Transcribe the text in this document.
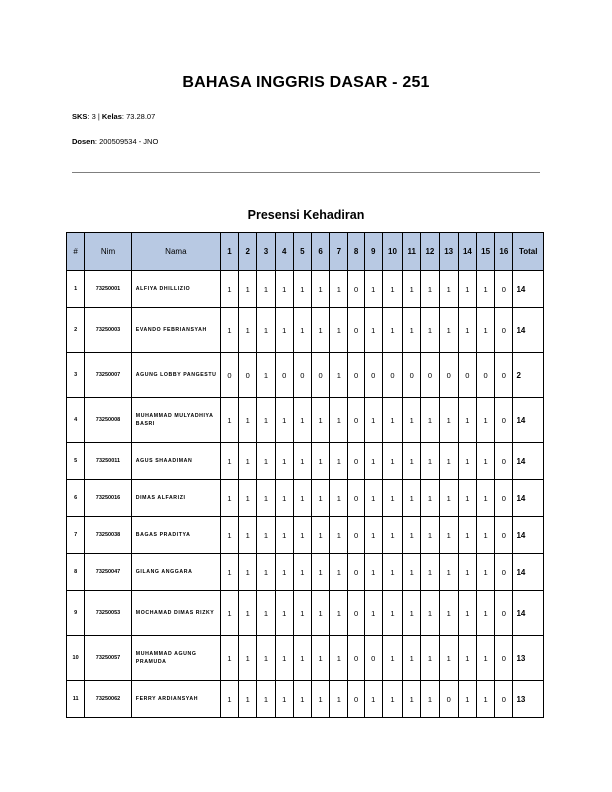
BAHASA INGGRIS DASAR - 251
SKS: 3 | Kelas: 73.28.07
Dosen: 200509534 - JNO
Presensi Kehadiran
#	Nim	Nama	1	2	3	4	5	6	7	8	9	10	11	12	13	14	15	16	Total
1	73250001	ALFIYA DHILLIZIO	1	1	1	1	1	1	1	0	1	1	1	1	1	1	1	0	14
2	73250003	EVANDO FEBRIANSYAH	1	1	1	1	1	1	1	0	1	1	1	1	1	1	1	0	14
3	73250007	AGUNG LOBBY PANGESTU	0	0	1	0	0	0	1	0	0	0	0	0	0	0	0	0	2
4	73250008	MUHAMMAD MULYADHIYA BASRI	1	1	1	1	1	1	1	0	1	1	1	1	1	1	1	0	14
5	73250011	AGUS SHAADIMAN	1	1	1	1	1	1	1	0	1	1	1	1	1	1	1	0	14
6	73250016	DIMAS ALFARIZI	1	1	1	1	1	1	1	0	1	1	1	1	1	1	1	0	14
7	73250038	BAGAS PRADITYA	1	1	1	1	1	1	1	0	1	1	1	1	1	1	1	0	14
8	73250047	GILANG ANGGARA	1	1	1	1	1	1	1	0	1	1	1	1	1	1	1	0	14
9	73250053	MOCHAMAD DIMAS RIZKY	1	1	1	1	1	1	1	0	1	1	1	1	1	1	1	0	14
10	73250057	MUHAMMAD AGUNG PRAMUDA	1	1	1	1	1	1	1	0	0	1	1	1	1	1	1	0	13
11	73250062	FERRY ARDIANSYAH	1	1	1	1	1	1	1	0	1	1	1	1	0	1	1	0	13
